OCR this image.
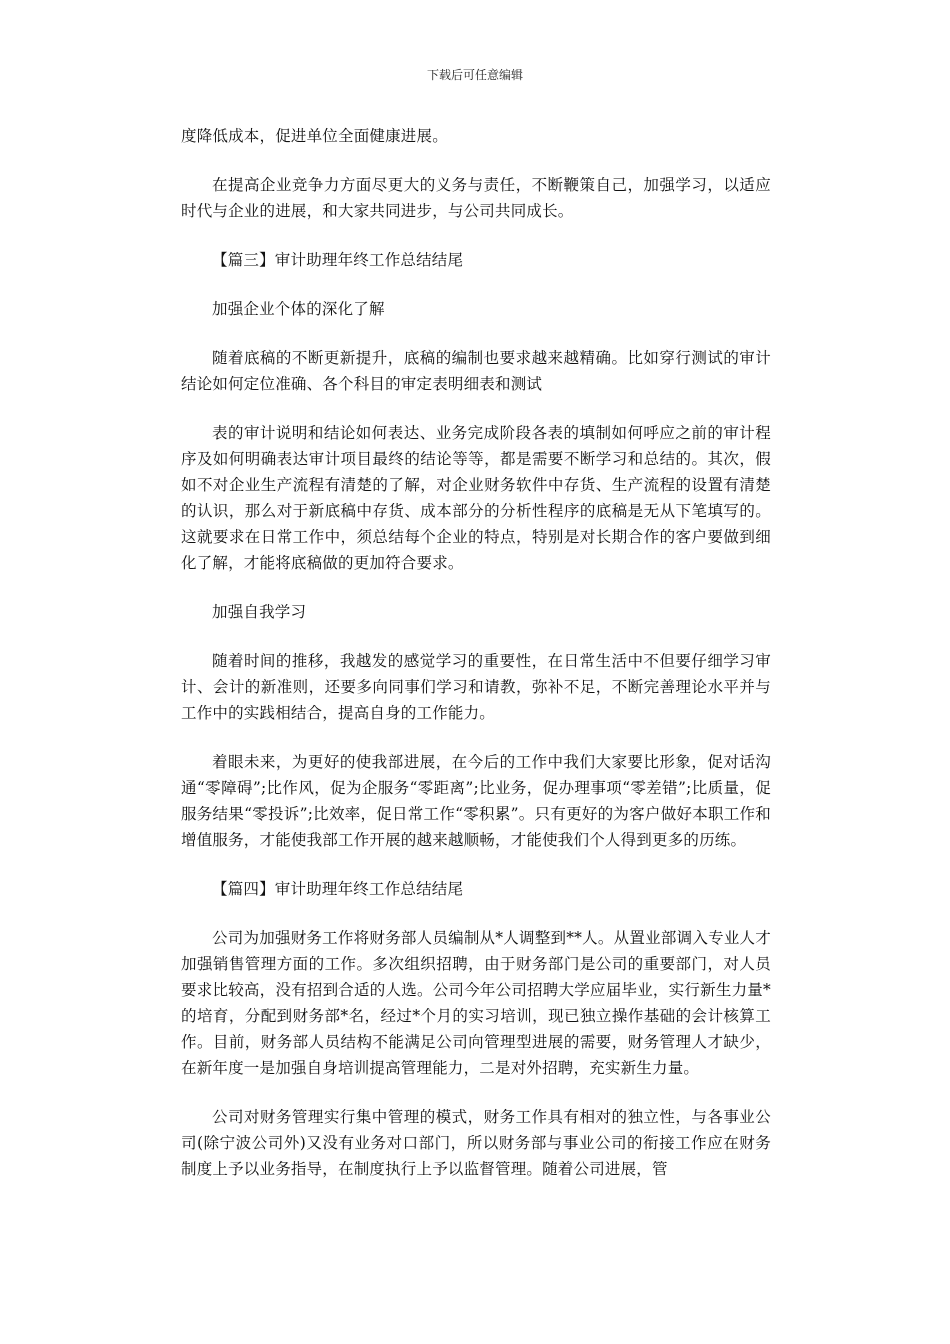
下载后可任意编辑

度降低成本，促进单位全面健康进展。

在提高企业竞争力方面尽更大的义务与责任，不断鞭策自己，加强学习，以适应时代与企业的进展，和大家共同进步，与公司共同成长。

【篇三】审计助理年终工作总结结尾

加强企业个体的深化了解

随着底稿的不断更新提升，底稿的编制也要求越来越精确。比如穿行测试的审计结论如何定位准确、各个科目的审定表明细表和测试

表的审计说明和结论如何表达、业务完成阶段各表的填制如何呼应之前的审计程序及如何明确表达审计项目最终的结论等等，都是需要不断学习和总结的。其次，假如不对企业生产流程有清楚的了解，对企业财务软件中存货、生产流程的设置有清楚的认识，那么对于新底稿中存货、成本部分的分析性程序的底稿是无从下笔填写的。这就要求在日常工作中，须总结每个企业的特点，特别是对长期合作的客户要做到细化了解，才能将底稿做的更加符合要求。

加强自我学习

随着时间的推移，我越发的感觉学习的重要性，在日常生活中不但要仔细学习审计、会计的新准则，还要多向同事们学习和请教，弥补不足，不断完善理论水平并与工作中的实践相结合，提高自身的工作能力。

着眼未来，为更好的使我部进展，在今后的工作中我们大家要比形象，促对话沟通“零障碍”;比作风，促为企服务“零距离”;比业务，促办理事项“零差错”;比质量，促服务结果“零投诉”;比效率，促日常工作“零积累”。只有更好的为客户做好本职工作和增值服务，才能使我部工作开展的越来越顺畅，才能使我们个人得到更多的历练。

【篇四】审计助理年终工作总结结尾

公司为加强财务工作将财务部人员编制从*人调整到**人。从置业部调入专业人才加强销售管理方面的工作。多次组织招聘，由于财务部门是公司的重要部门，对人员要求比较高，没有招到合适的人选。公司今年公司招聘大学应届毕业，实行新生力量*的培育，分配到财务部*名，经过*个月的实习培训，现已独立操作基础的会计核算工作。目前，财务部人员结构不能满足公司向管理型进展的需要，财务管理人才缺少，在新年度一是加强自身培训提高管理能力，二是对外招聘，充实新生力量。

公司对财务管理实行集中管理的模式，财务工作具有相对的独立性，与各事业公司(除宁波公司外)又没有业务对口部门，所以财务部与事业公司的衔接工作应在财务制度上予以业务指导，在制度执行上予以监督管理。随着公司进展，管
